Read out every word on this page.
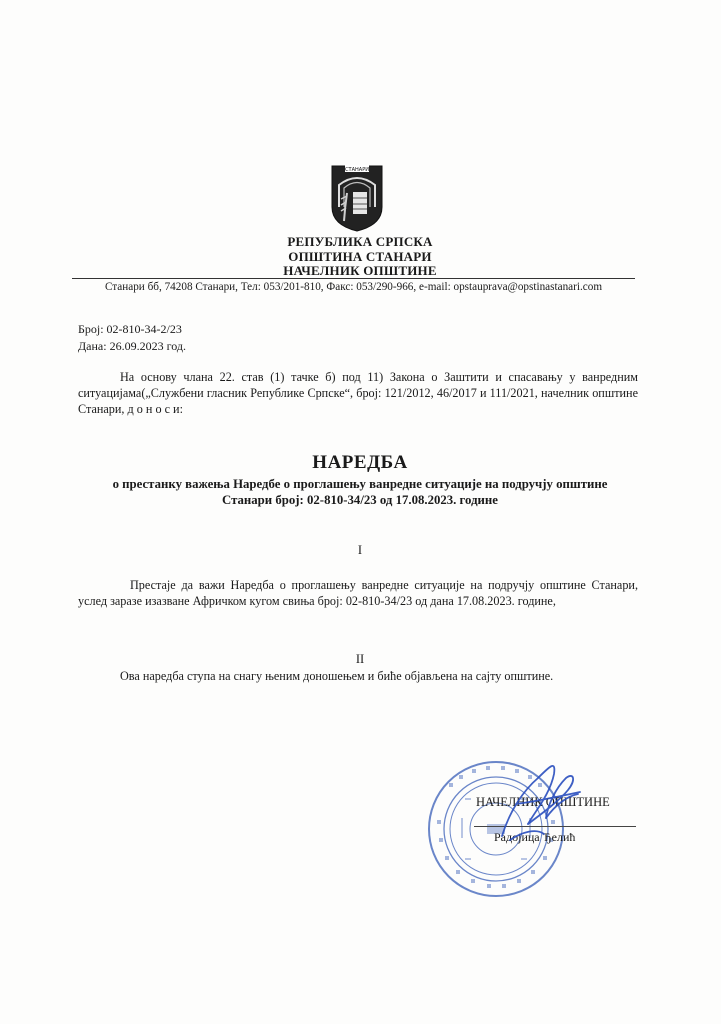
СТАНАРИ
РЕПУБЛИКА СРПСКА
ОПШТИНА СТАНАРИ
НАЧЕЛНИК ОПШТИНЕ
Станари бб, 74208 Станари, Тел: 053/201-810, Факс: 053/290-966, e-mail: opstauprava@opstinastanari.com
Број: 02-810-34-2/23
Дана: 26.09.2023 год.
На основу члана 22. став (1) тачке б) под 11) Закона о Заштити и спасавању у ванредним ситуацијама(„Службени гласник Републике Српске“, број: 121/2012, 46/2017 и 111/2021, начелник општине Станари, д о н о с и:
НАРЕДБА
о престанку важења Наредбе о проглашењу ванредне ситуације на подручју општине Станари број: 02-810-34/23 од 17.08.2023. године
I
Престаје да важи Наредба о проглашењу ванредне ситуације на подручју општине Станари, услед заразе изазване Афричком кугом свиња број: 02-810-34/23 од дана 17.08.2023. године,
II
Ова наредба ступа на снагу њеним доношењем и биће објављена на сајту општине.
НАЧЕЛНИК ОПШТИНЕ
Радојица Ђелић
